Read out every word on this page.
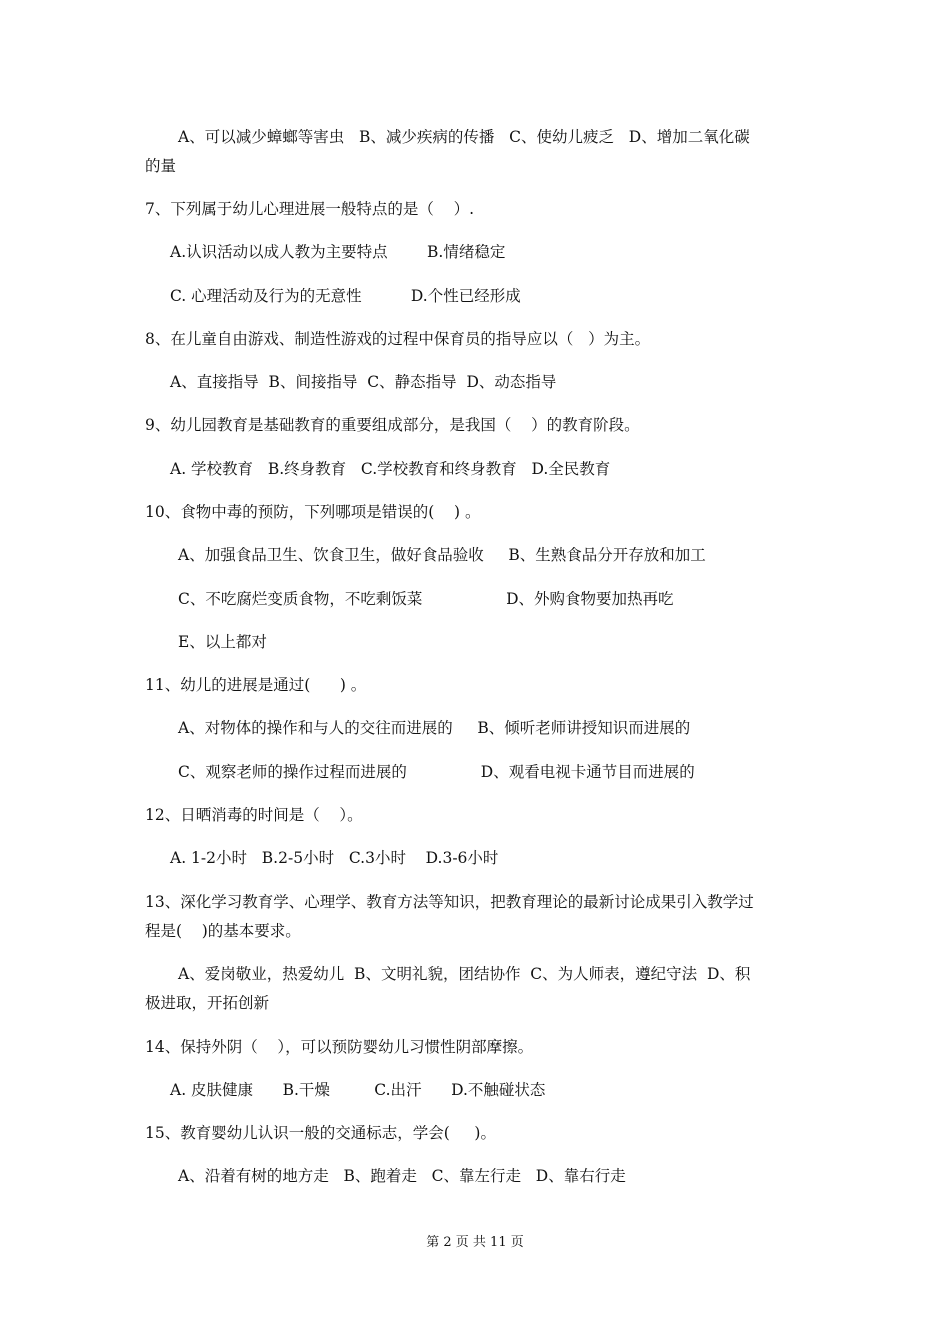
A、可以减少蟑螂等害虫   B、减少疾病的传播   C、使幼儿疲乏   D、增加二氧化碳
的量
7、下列属于幼儿心理进展一般特点的是（    ）.
A.认识活动以成人教为主要特点        B.情绪稳定
C. 心理活动及行为的无意性          D.个性已经形成
8、在儿童自由游戏、制造性游戏的过程中保育员的指导应以（   ）为主。
A、直接指导  B、间接指导  C、静态指导  D、动态指导
9、幼儿园教育是基础教育的重要组成部分，是我国（    ）的教育阶段。
A. 学校教育   B.终身教育   C.学校教育和终身教育   D.全民教育
10、食物中毒的预防，下列哪项是错误的(    ) 。
A、加强食品卫生、饮食卫生，做好食品验收     B、生熟食品分开存放和加工
C、不吃腐烂变质食物，不吃剩饭菜                 D、外购食物要加热再吃
E、以上都对
11、幼儿的进展是通过(      ) 。
A、对物体的操作和与人的交往而进展的     B、倾听老师讲授知识而进展的
C、观察老师的操作过程而进展的               D、观看电视卡通节目而进展的
12、日晒消毒的时间是（    ）。
A. 1-2小时   B.2-5小时   C.3小时    D.3-6小时
13、深化学习教育学、心理学、教育方法等知识，把教育理论的最新讨论成果引入教学过
程是(    )的基本要求。
A、爱岗敬业，热爱幼儿  B、文明礼貌，团结协作  C、为人师表，遵纪守法  D、积
极进取，开拓创新
14、保持外阴（    ），可以预防婴幼儿习惯性阴部摩擦。
A. 皮肤健康      B.干燥         C.出汗      D.不触碰状态
15、教育婴幼儿认识一般的交通标志，学会(     )。
A、沿着有树的地方走   B、跑着走   C、靠左行走   D、靠右行走
第 2 页 共 11 页
